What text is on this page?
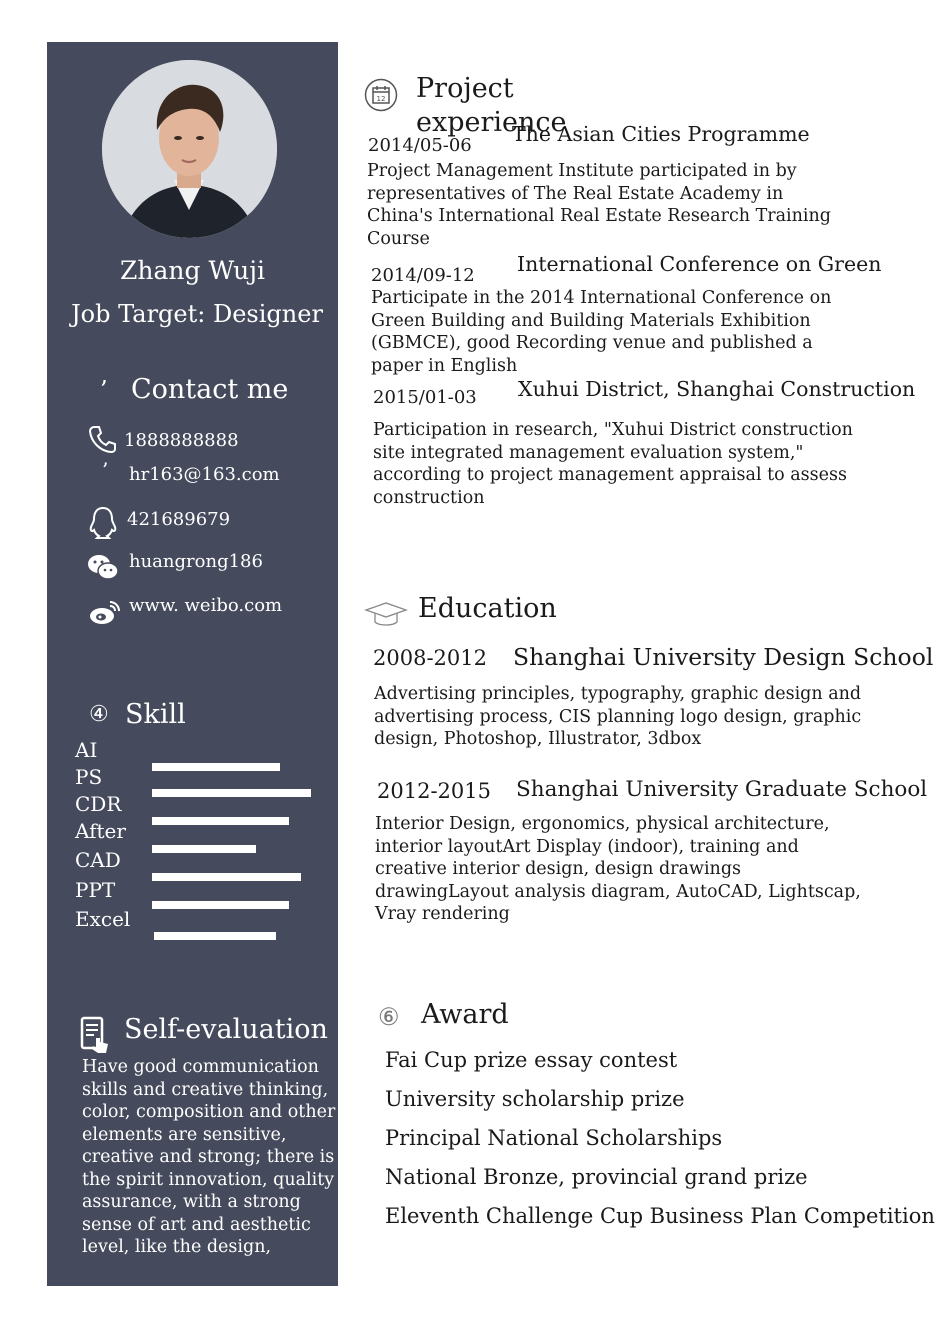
Zhang Wuji
Job Target: Designer
’ Contact me
1888888888
’ hr163@163.com
421689679
huangrong186
www. weibo.com
④ Skill
AI
PS
CDR
After
CAD
PPT
Excel
Self-evaluation
Have good communication skills and creative thinking, color, composition and other elements are sensitive, creative and strong; there is the spirit innovation, quality assurance, with a strong sense of art and aesthetic level, like the design,
12 Project experience
2014/05-06 The Asian Cities Programme
Project Management Institute participated in by representatives of The Real Estate Academy in China's International Real Estate Research Training Course
2014/09-12 International Conference on Green
Participate in the 2014 International Conference on Green Building and Building Materials Exhibition (GBMCE), good Recording venue and published a paper in English
2015/01-03 Xuhui District, Shanghai Construction
Participation in research, "Xuhui District construction site integrated management evaluation system," according to project management appraisal to assess construction
Education
2008-2012 Shanghai University Design School
Advertising principles, typography, graphic design and advertising process, CIS planning logo design, graphic design, Photoshop, Illustrator, 3dbox
2012-2015 Shanghai University Graduate School
Interior Design, ergonomics, physical architecture, interior layoutArt Display (indoor), training and creative interior design, design drawings drawingLayout analysis diagram, AutoCAD, Lightscap, Vray rendering
⑥ Award
Fai Cup prize essay contest
University scholarship prize
Principal National Scholarships
National Bronze, provincial grand prize
Eleventh Challenge Cup Business Plan Competition
